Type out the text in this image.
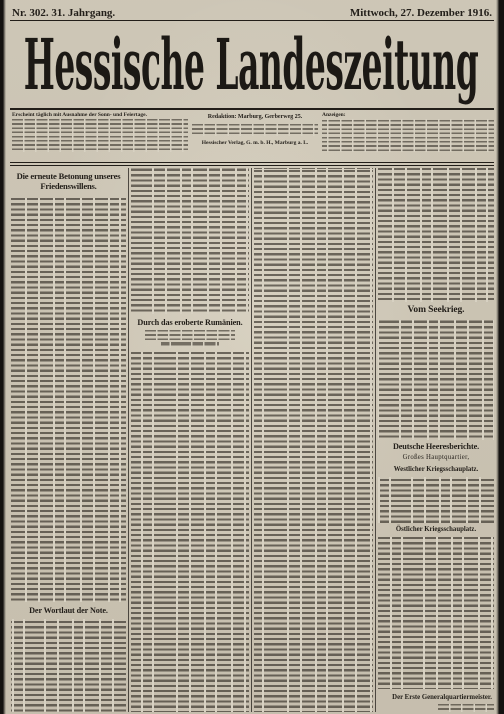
Nr. 302. 31. Jahrgang.	Mittwoch, 27. Dezember 1916.
Hessische Landeszeitung
Erscheint täglich mit Ausnahme der Sonn- und Feiertage.	Redaktion: Marburg, Gerberweg 25.
Hessischer Verlag, G. m. b. H., Marburg a. L.
Anzeigen:
Die erneute Betonung unseres Friedenswillens.
Der Wortlaut der Note.
Durch das eroberte Rumänien.
Vom Seekrieg.
Deutsche Heeresberichte.
Großes Hauptquartier,
Westlicher Kriegsschauplatz.
Östlicher Kriegsschauplatz.
Der Erste Generalquartiermeister.
